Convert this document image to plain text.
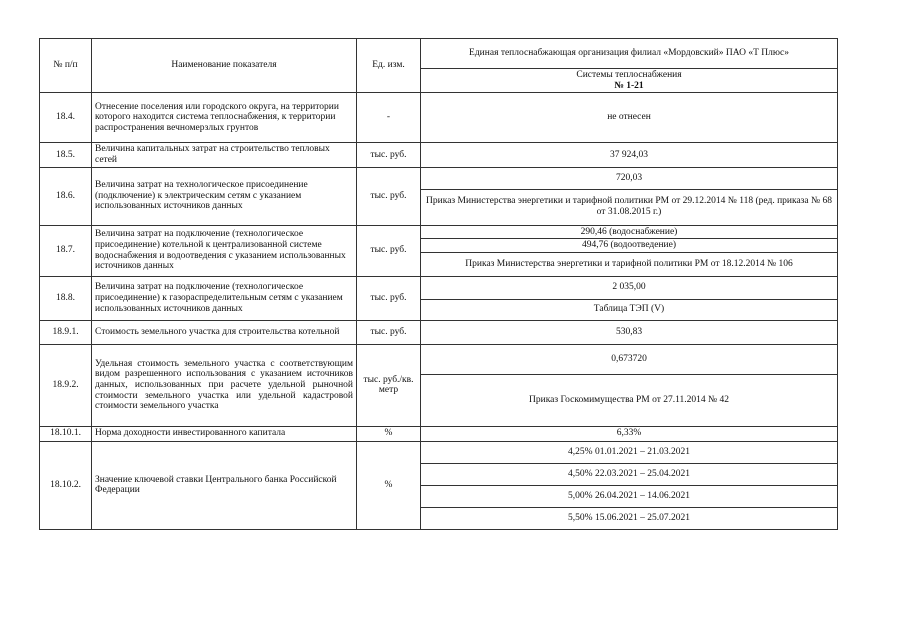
№ п/п	Наименование показателя	Ед. изм.	Единая теплоснабжающая организация филиал «Мордовский» ПАО «Т Плюс»

			Системы теплоснабжения
№ 1-21

18.4.	Отнесение поселения или городского округа, на территории которого находится система теплоснабжения, к территории распространения вечномерзлых грунтов	-	не отнесен
18.5.	Величина капитальных затрат на строительство тепловых сетей	тыс. руб.	37 924,03
18.6.	Величина затрат на технологическое присоединение (подключение) к электрическим сетям с указанием использованных источников данных	тыс. руб.	720,03
			Приказ Министерства энергетики и тарифной политики РМ от 29.12.2014 № 118 (ред. приказа № 68 от 31.08.2015 г.)
18.7.	Величина затрат на подключение (технологическое присоединение) котельной к централизованной системе водоснабжения и водоотведения с указанием использованных источников данных	тыс. руб.	290,46 (водоснабжение)
			494,76 (водоотведение)
			Приказ Министерства энергетики и тарифной политики РМ от 18.12.2014 № 106
18.8.	Величина затрат на подключение (технологическое присоединение) к газораспределительным сетям с указанием использованных источников данных	тыс. руб.	2 035,00
			Таблица ТЭП (V)
18.9.1.	Стоимость земельного участка для строительства котельной	тыс. руб.	530,83
18.9.2.	Удельная стоимость земельного участка с соответствующим видом разрешенного использования с указанием источников данных, использованных при расчете удельной рыночной стоимости земельного участка или удельной кадастровой стоимости земельного участка	тыс. руб./кв. метр	0,673720
			Приказ Госкомимущества РМ от 27.11.2014 № 42
18.10.1.	Норма доходности инвестированного капитала	%	6,33%
18.10.2.	Значение ключевой ставки Центрального банка Российской Федерации	%	4,25% 01.01.2021 – 21.03.2021
			4,50% 22.03.2021 – 25.04.2021
			5,00% 26.04.2021 – 14.06.2021
			5,50% 15.06.2021 – 25.07.2021
